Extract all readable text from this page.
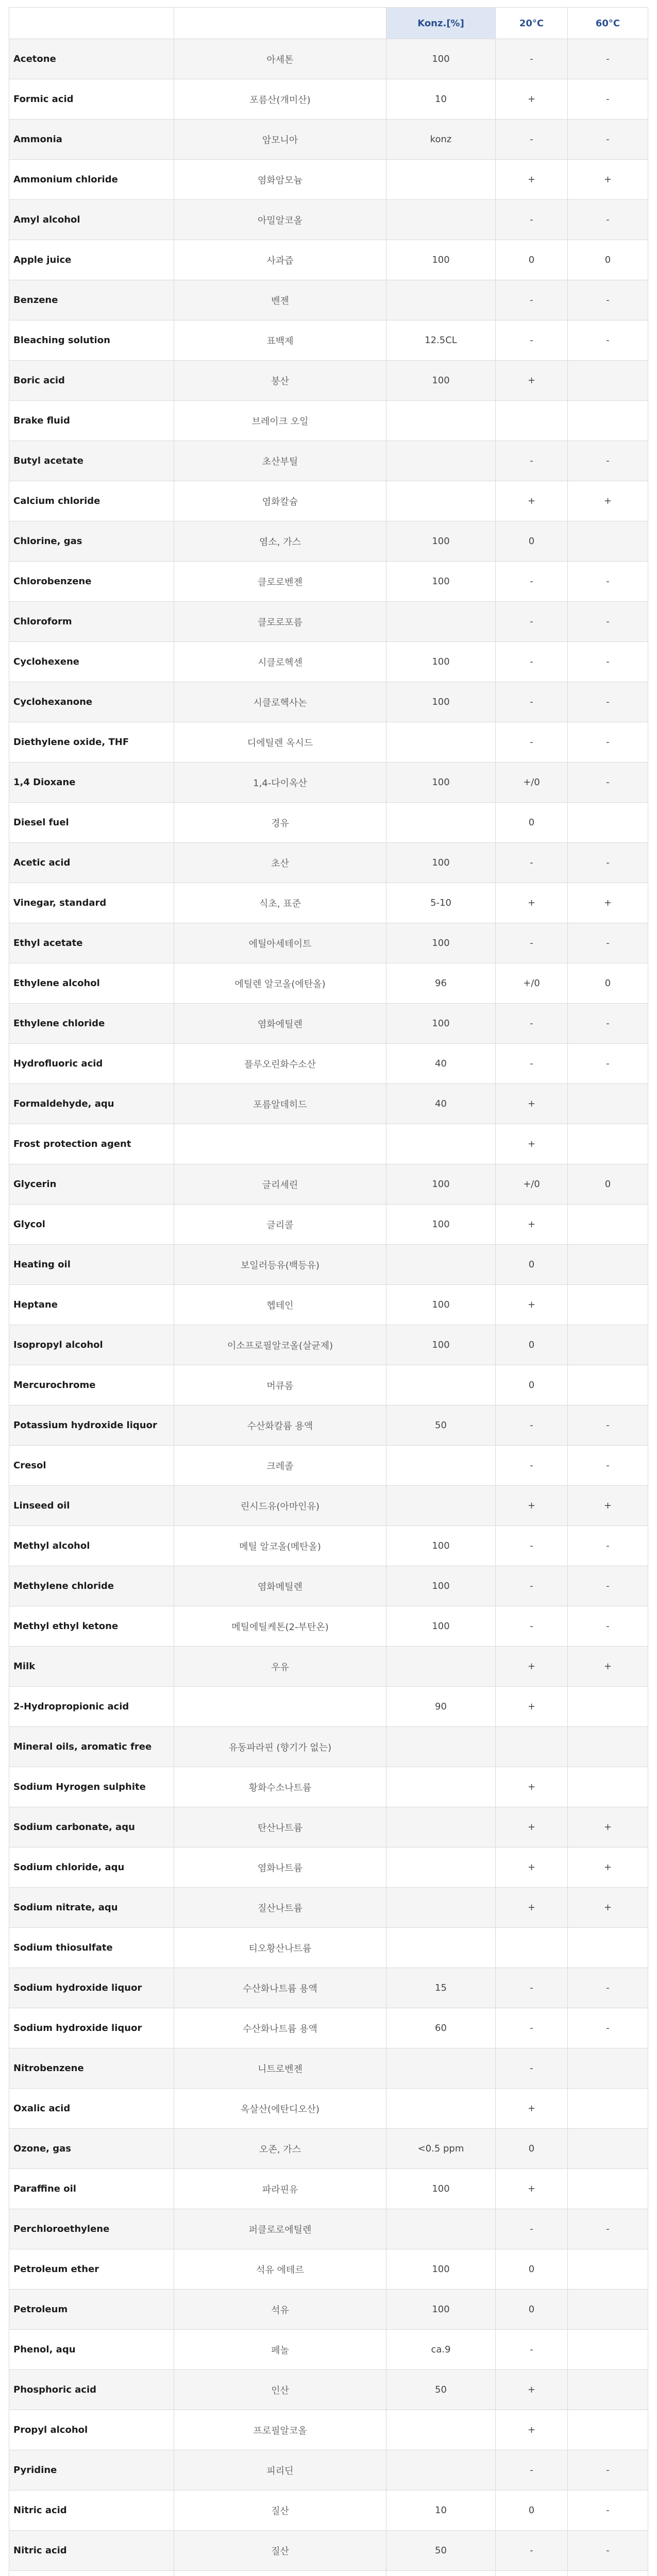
		Konz.[%]	20°C	60°C
Acetone	아세톤	100	-	-
Formic acid	포름산(개미산)	10	+	-
Ammonia	암모니아	konz	-	-
Ammonium chloride	염화암모늄		+	+
Amyl alcohol	아밀알코올		-	-
Apple juice	사과즙	100	0	0
Benzene	벤젠		-	-
Bleaching solution	표백제	12.5CL	-	-
Boric acid	붕산	100	+	
Brake fluid	브레이크 오일			
Butyl acetate	초산부틸		-	-
Calcium chloride	염화칼슘		+	+
Chlorine, gas	염소, 가스	100	0	
Chlorobenzene	클로로벤젠	100	-	-
Chloroform	클로로포름		-	-
Cyclohexene	시클로헥센	100	-	-
Cyclohexanone	시클로헥사논	100	-	-
Diethylene oxide, THF	디에틸렌 옥시드		-	-
1,4 Dioxane	1,4-다이옥산	100	+/0	-
Diesel fuel	경유		0	
Acetic acid	초산	100	-	-
Vinegar, standard	식초, 표준	5-10	+	+
Ethyl acetate	에틸아세테이트	100	-	-
Ethylene alcohol	에틸렌 알코올(에탄올)	96	+/0	0
Ethylene chloride	염화에틸렌	100	-	-
Hydrofluoric acid	플루오린화수소산	40	-	-
Formaldehyde, aqu	포름알데히드	40	+	
Frost protection agent			+	
Glycerin	글리세린	100	+/0	0
Glycol	글리콜	100	+	
Heating oil	보일러등유(백등유)		0	
Heptane	헵테인	100	+	
Isopropyl alcohol	이소프로필알코올(살균제)	100	0	
Mercurochrome	머큐롬		0	
Potassium hydroxide liquor	수산화칼륨 용액	50	-	-
Cresol	크레졸		-	-
Linseed oil	린시드유(아마인유)		+	+
Methyl alcohol	메틸 알코올(메탄올)	100	-	-
Methylene chloride	염화메틸렌	100	-	-
Methyl ethyl ketone	메틸에틸케톤(2-부탄온)	100	-	-
Milk	우유		+	+
2-Hydropropionic acid		90	+	
Mineral oils, aromatic free	유동파라핀 (향기가 없는)			
Sodium Hyrogen sulphite	황화수소나트륨		+	
Sodium carbonate, aqu	탄산나트륨		+	+
Sodium chloride, aqu	염화나트륨		+	+
Sodium nitrate, aqu	질산나트륨		+	+
Sodium thiosulfate	티오황산나트륨			
Sodium hydroxide liquor	수산화나트륨 용액	15	-	-
Sodium hydroxide liquor	수산화나트륨 용액	60	-	-
Nitrobenzene	니트로벤젠		-	
Oxalic acid	옥살산(에탄디오산)		+	
Ozone, gas	오존, 가스	<0.5 ppm	0	
Paraffine oil	파라핀유	100	+	
Perchloroethylene	퍼클로로에틸렌		-	-
Petroleum ether	석유 에테르	100	0	
Petroleum	석유	100	0	
Phenol, aqu	페놀	ca.9	-	
Phosphoric acid	인산	50	+	
Propyl alcohol	프로필알코올		+	
Pyridine	피리딘		-	-
Nitric acid	질산	10	0	-
Nitric acid	질산	50	-	-
